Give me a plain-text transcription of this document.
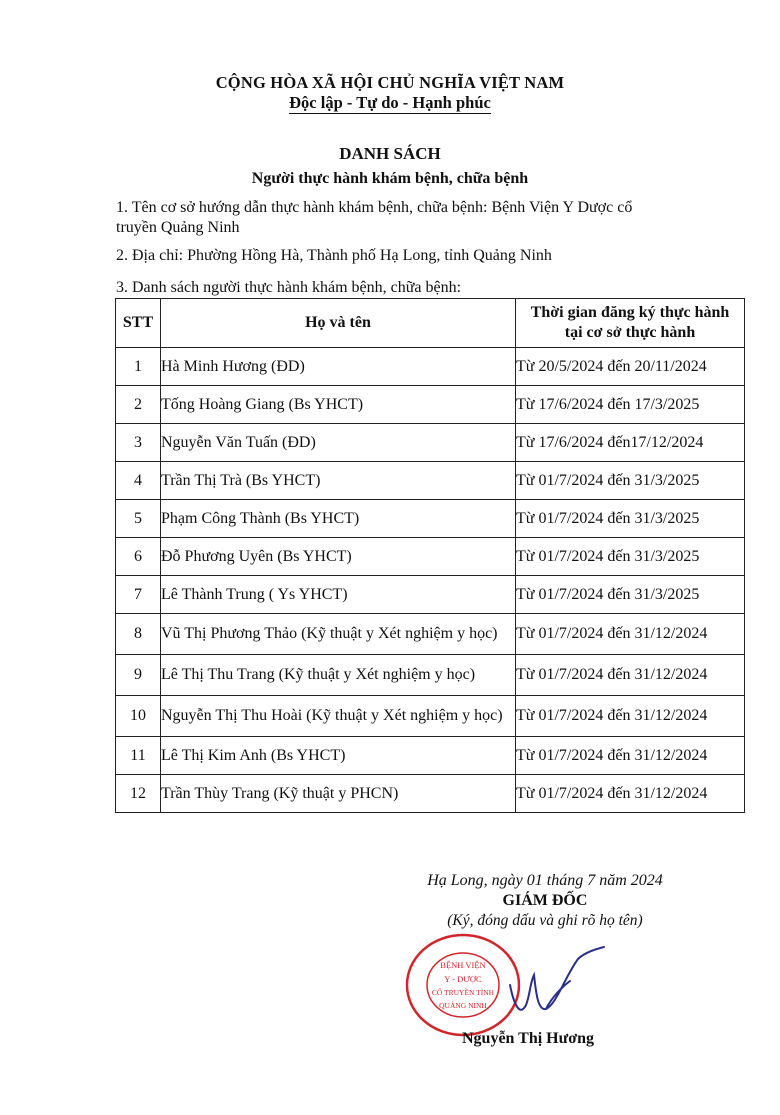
CỘNG HÒA XÃ HỘI CHỦ NGHĨA VIỆT NAM
Độc lập - Tự do - Hạnh phúc
DANH SÁCH
Người thực hành khám bệnh, chữa bệnh
1. Tên cơ sở hướng dẫn thực hành khám bệnh, chữa bệnh: Bệnh Viện Y Dược cổ
truyền Quảng Ninh
2. Địa chỉ: Phường Hồng Hà, Thành phố Hạ Long, tỉnh Quảng Ninh
3. Danh sách người thực hành khám bệnh, chữa bệnh:
STT	Họ và tên	Thời gian đăng ký thực hành
tại cơ sở thực hành

1	Hà Minh Hương (ĐD)	Từ 20/5/2024 đến 20/11/2024
2	Tống Hoàng Giang (Bs YHCT)	Từ 17/6/2024 đến 17/3/2025
3	Nguyễn Văn Tuấn (ĐD)	Từ 17/6/2024 đến17/12/2024
4	Trần Thị Trà (Bs YHCT)	Từ 01/7/2024 đến 31/3/2025
5	Phạm Công Thành (Bs YHCT)	Từ 01/7/2024 đến 31/3/2025
6	Đỗ Phương Uyên (Bs YHCT)	Từ 01/7/2024 đến 31/3/2025
7	Lê Thành Trung ( Ys YHCT)	Từ 01/7/2024 đến 31/3/2025
8	Vũ Thị Phương Thảo (Kỹ thuật y Xét nghiệm y học)	Từ 01/7/2024 đến 31/12/2024
9	Lê Thị Thu Trang (Kỹ thuật y Xét nghiệm y học)	Từ 01/7/2024 đến 31/12/2024
10	Nguyễn Thị Thu Hoài (Kỹ thuật y Xét nghiệm y học)	Từ 01/7/2024 đến 31/12/2024
11	Lê Thị Kim Anh (Bs YHCT)	Từ 01/7/2024 đến 31/12/2024
12	Trần Thùy Trang (Kỹ thuật y PHCN)	Từ 01/7/2024 đến 31/12/2024
Hạ Long, ngày 01 tháng 7 năm 2024
GIÁM ĐỐC
(Ký, đóng dấu và ghi rõ họ tên)
BỆNH VIỆN
Y - DƯỢC
CỔ TRUYỀN TỈNH
QUẢNG NINH
Nguyễn Thị Hương
